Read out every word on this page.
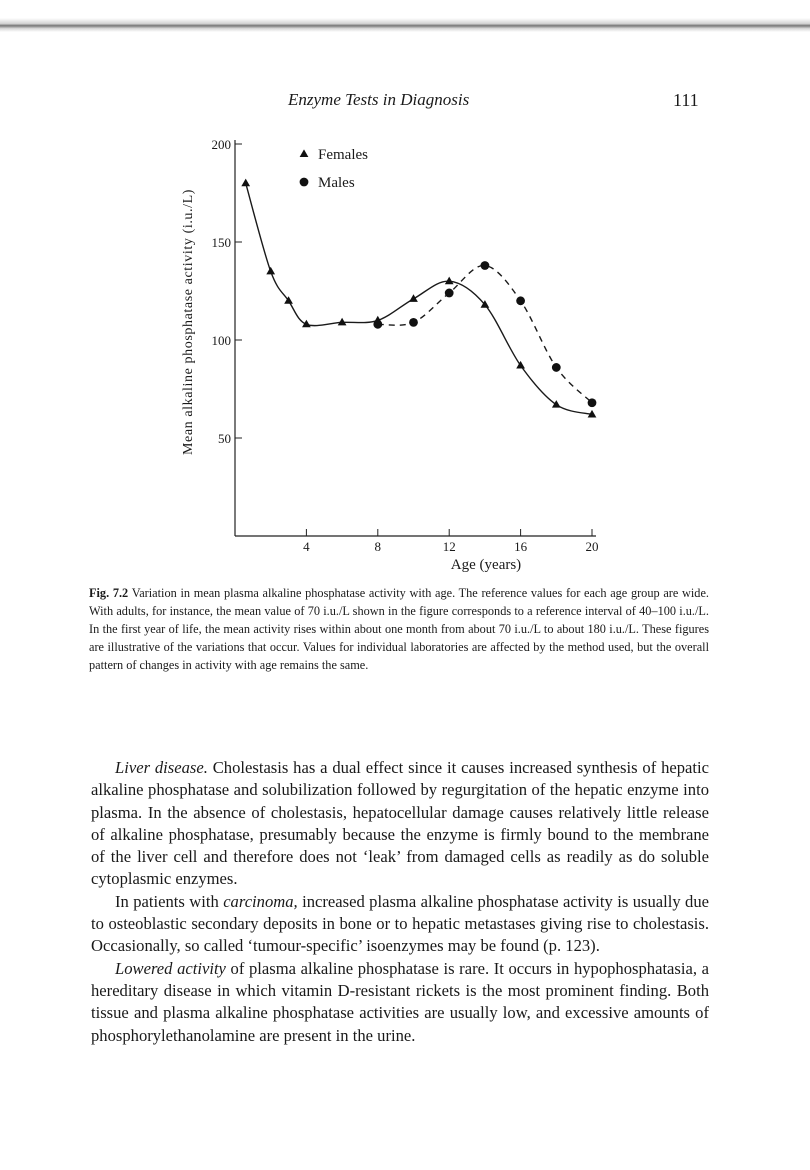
Enzyme Tests in Diagnosis	111
50
100
150
200
4	8	12	16	20
Females
Males
Age (years)
Mean alkaline phosphatase activity (i.u./L)
Fig. 7.2 Variation in mean plasma alkaline phosphatase activity with age. The reference values for each age group are wide. With adults, for instance, the mean value of 70 i.u./L shown in the figure corresponds to a reference interval of 40–100 i.u./L. In the first year of life, the mean activity rises within about one month from about 70 i.u./L to about 180 i.u./L. These figures are illustrative of the variations that occur. Values for individual laboratories are affected by the method used, but the overall pattern of changes in activity with age remains the same.

Liver disease. Cholestasis has a dual effect since it causes increased synthesis of hepatic alkaline phosphatase and solubilization followed by regurgitation of the hepatic enzyme into plasma. In the absence of cholestasis, hepatocellular damage causes relatively little release of alkaline phosphatase, presumably because the enzyme is firmly bound to the membrane of the liver cell and therefore does not ‘leak’ from damaged cells as readily as do soluble cytoplasmic enzymes.

In patients with carcinoma, increased plasma alkaline phosphatase activity is usually due to osteoblastic secondary deposits in bone or to hepatic metastases giving rise to cholestasis. Occasionally, so called ‘tumour-specific’ isoenzymes may be found (p. 123).

Lowered activity of plasma alkaline phosphatase is rare. It occurs in hypophosphatasia, a hereditary disease in which vitamin D-resistant rickets is the most prominent finding. Both tissue and plasma alkaline phosphatase activities are usually low, and excessive amounts of phosphorylethanolamine are present in the urine.
